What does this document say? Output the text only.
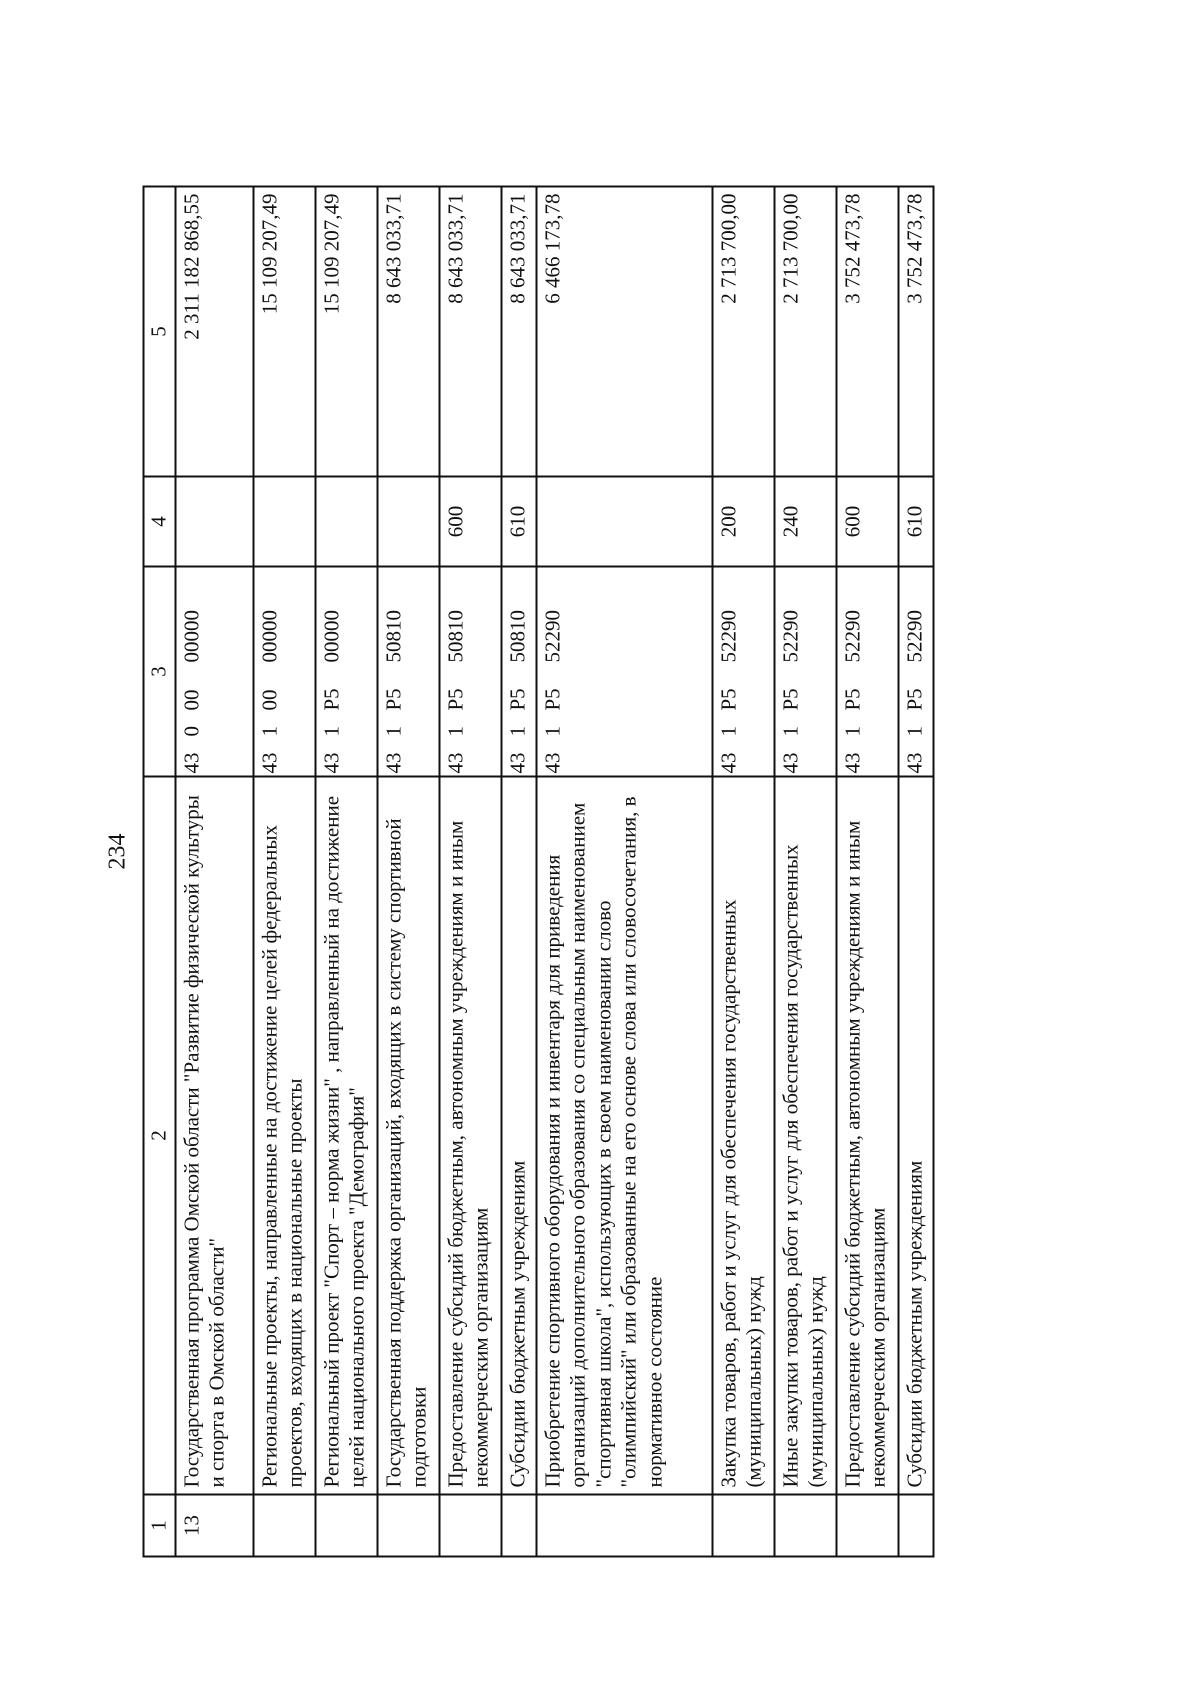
234
1	2	3				4	5
13	Государственная программа Омской области "Развитие физической культуры и спорта в Омской области"	43	0	00	00000		2 311 182 868,55
	Региональные проекты, направленные на достижение целей федеральных проектов, входящих в национальные проекты	43	1	00	00000		15 109 207,49
	Региональный проект "Спорт – норма жизни" , направленный на достижение целей национального проекта "Демография"	43	1	P5	00000		15 109 207,49
	Государственная поддержка организаций, входящих в систему спортивной подготовки	43	1	P5	50810		8 643 033,71
	Предоставление субсидий бюджетным, автономным учреждениям и иным некоммерческим организациям	43	1	P5	50810	600	8 643 033,71
	Субсидии бюджетным учреждениям	43	1	P5	50810	610	8 643 033,71
	Приобретение спортивного оборудования и инвентаря для приведения организаций дополнительного образования со специальным наименованием "спортивная школа", использующих в своем наименовании слово "олимпийский" или образованные на его основе слова или словосочетания, в нормативное состояние	43	1	P5	52290		6 466 173,78
	Закупка товаров, работ и услуг для обеспечения государственных (муниципальных) нужд	43	1	P5	52290	200	2 713 700,00
	Иные закупки товаров, работ и услуг для обеспечения государственных (муниципальных) нужд	43	1	P5	52290	240	2 713 700,00
	Предоставление субсидий бюджетным, автономным учреждениям и иным некоммерческим организациям	43	1	P5	52290	600	3 752 473,78
	Субсидии бюджетным учреждениям	43	1	P5	52290	610	3 752 473,78
